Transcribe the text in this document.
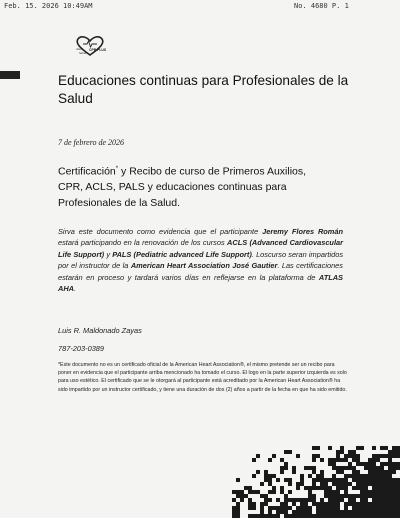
Feb. 15. 2026 10:49AM	No. 4680 P. 1
Amor
Salud
CPR PLUS
Educaciones continuas para Profesionales de la Salud
7 de febrero de 2026
Certificación* y Recibo de curso de Primeros Auxilios, CPR, ACLS, PALS y educaciones continuas para Profesionales de la Salud.
Sirva este documento como evidencia que el participante Jeremy Flores Román estará participando en la renovación de los cursos ACLS (Advanced Cardiovascular Life Support) y PALS (Pediatric advanced Life Support). Loscurso seran impartidos por el instructor de la American Heart Association José Gautier. Las certificaciones estarán en proceso y tardará varios días en reflejarse en la plataforma de ATLAS AHA.
Luis R. Maldonado Zayas
787-203-0389
*Este documento no es un certificado oficial de la American Heart Association®, el mismo pretende ser un recibo para poner en evidencia que el participante arriba mencionado ha tomado el curso. El logo en la parte superior izquierda es solo para uso estético. El certificado que se le otorgará al participante está acreditado por la American Heart Association® ha sido impartido por un instructor certificado, y tiene una duración de dos (2) años a partir de la fecha en que ha sido emitido.
